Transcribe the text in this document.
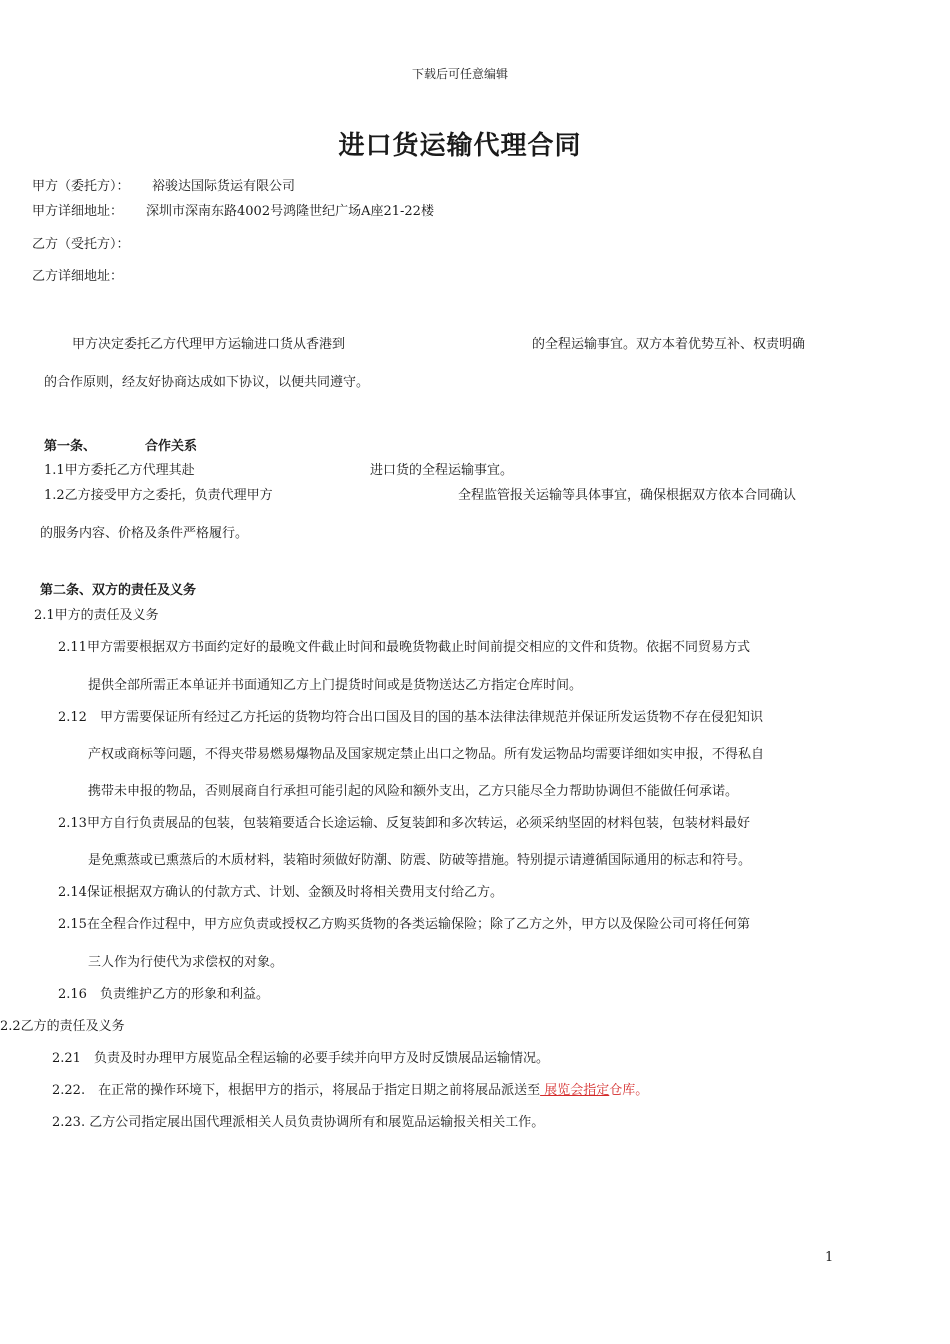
下载后可任意编辑
进口货运输代理合同
甲方（委托方）： 裕骏达国际货运有限公司
甲方详细地址： 深圳市深南东路4002号鸿隆世纪广场A座21-22楼
乙方（受托方）：
乙方详细地址：
甲方决定委托乙方代理甲方运输进口货从香港到	的全程运输事宜。双方本着优势互补、权责明确
的合作原则，经友好协商达成如下协议，以便共同遵守。
第一条、	合作关系
1.1甲方委托乙方代理其赴	进口货的全程运输事宜。
1.2乙方接受甲方之委托，负责代理甲方	全程监管报关运输等具体事宜，确保根据双方依本合同确认
的服务内容、价格及条件严格履行。
第二条、双方的责任及义务
2.1甲方的责任及义务
2.11甲方需要根据双方书面约定好的最晚文件截止时间和最晚货物截止时间前提交相应的文件和货物。依据不同贸易方式
提供全部所需正本单证并书面通知乙方上门提货时间或是货物送达乙方指定仓库时间。
2.12　甲方需要保证所有经过乙方托运的货物均符合出口国及目的国的基本法律法律规范并保证所发运货物不存在侵犯知识
产权或商标等问题，不得夹带易燃易爆物品及国家规定禁止出口之物品。所有发运物品均需要详细如实申报，不得私自
携带未申报的物品，否则展商自行承担可能引起的风险和额外支出，乙方只能尽全力帮助协调但不能做任何承诺。
2.13甲方自行负责展品的包装，包装箱要适合长途运输、反复装卸和多次转运，必须采纳坚固的材料包装，包装材料最好
是免熏蒸或已熏蒸后的木质材料，装箱时须做好防潮、防震、防破等措施。特别提示请遵循国际通用的标志和符号。
2.14保证根据双方确认的付款方式、计划、金额及时将相关费用支付给乙方。
2.15在全程合作过程中，甲方应负责或授权乙方购买货物的各类运输保险；除了乙方之外，甲方以及保险公司可将任何第
三人作为行使代为求偿权的对象。
2.16　负责维护乙方的形象和利益。
2.2乙方的责任及义务
2.21　负责及时办理甲方展览品全程运输的必要手续并向甲方及时反馈展品运输情况。
2.22.　在正常的操作环境下，根据甲方的指示，将展品于指定日期之前将展品派送至 展览会指定仓库。
2.23. 乙方公司指定展出国代理派相关人员负责协调所有和展览品运输报关相关工作。
1
